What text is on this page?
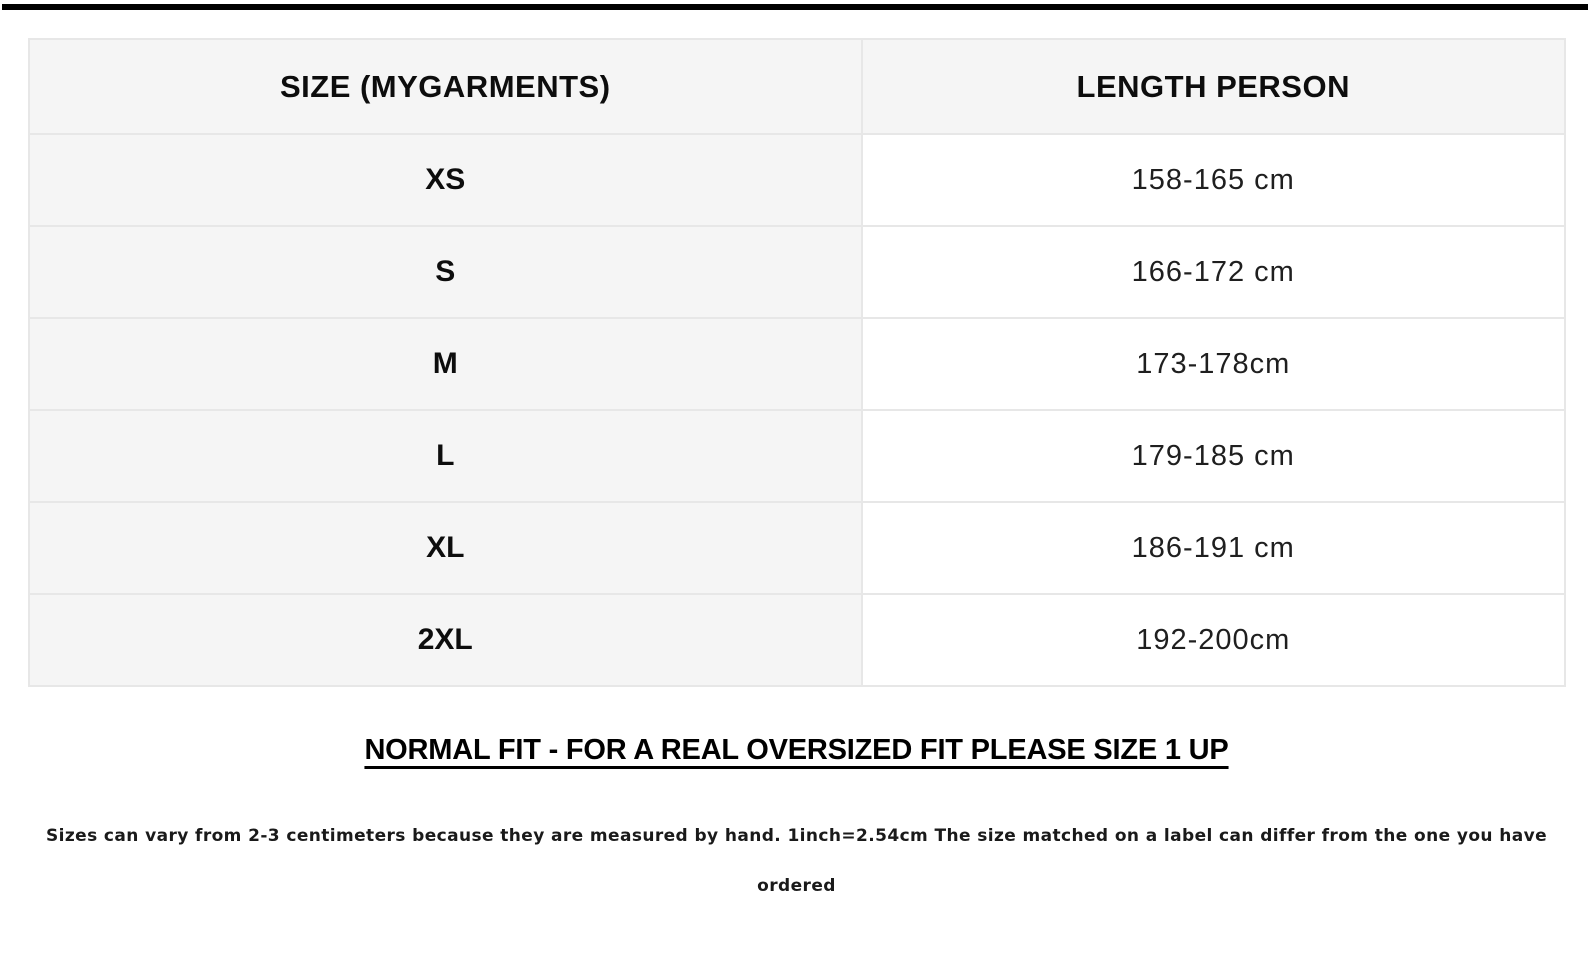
SIZE (MYGARMENTS)	LENGTH PERSON
XS	158-165 cm
S	166-172 cm
M	173-178cm
L	179-185 cm
XL	186-191 cm
2XL	192-200cm
NORMAL FIT - FOR A REAL OVERSIZED FIT PLEASE SIZE 1 UP
Sizes can vary from 2-3 centimeters because they are measured by hand. 1inch=2.54cm The size matched on a label can differ from the one you have
ordered
